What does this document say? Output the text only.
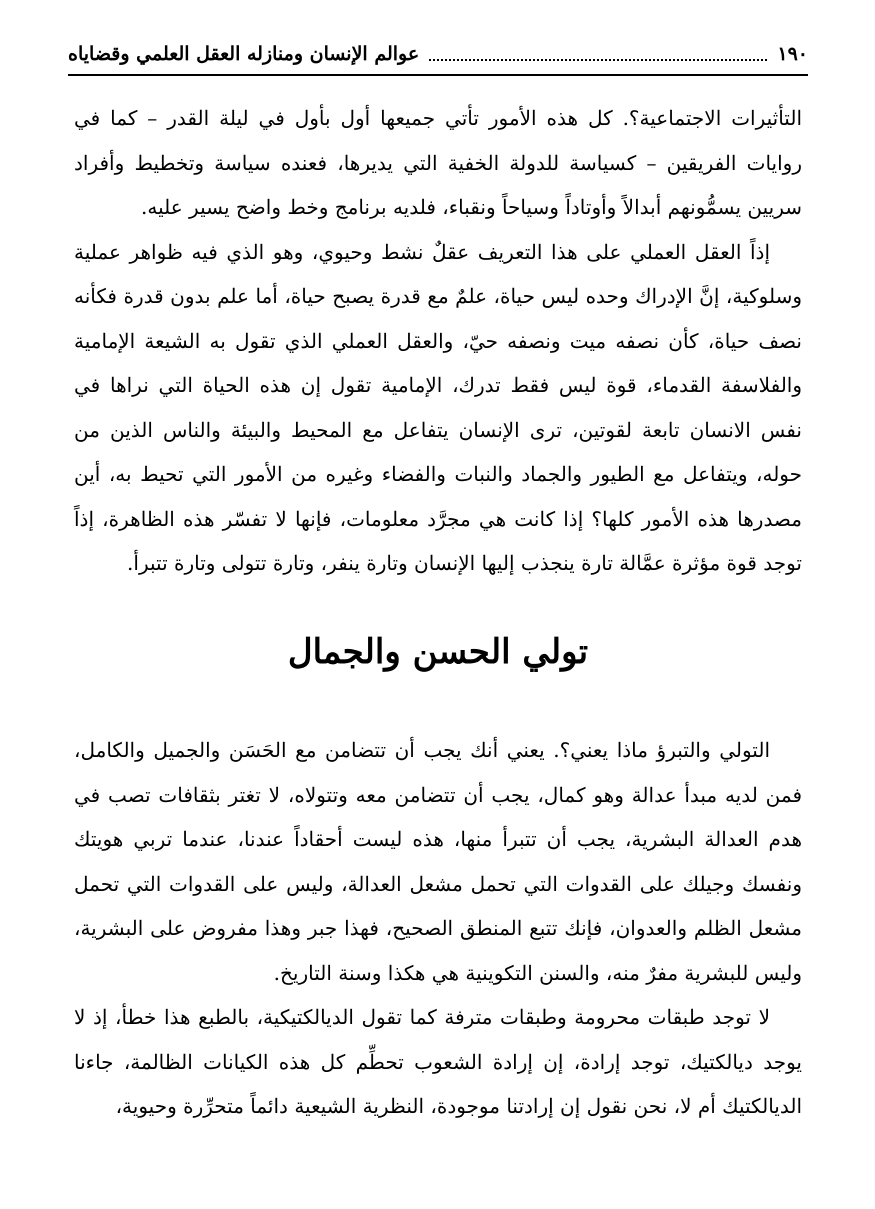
١٩٠
عوالم الإنسان ومنازله العقل العلمي وقضاياه

التأثيرات الاجتماعية؟. كل هذه الأمور تأتي جميعها أول بأول في ليلة القدر – كما في روايات الفريقين – كسياسة للدولة الخفية التي يديرها، فعنده سياسة وتخطيط وأفراد سريين يسمُّونهم أبدالاً وأوتاداً وسياحاً ونقباء، فلديه برنامج وخط واضح يسير عليه.

إذاً العقل العملي على هذا التعريف عقلٌ نشط وحيوي، وهو الذي فيه ظواهر عملية وسلوكية، إنَّ الإدراك وحده ليس حياة، علمٌ مع قدرة يصبح حياة، أما علم بدون قدرة فكأنه نصف حياة، كأن نصفه ميت ونصفه حيّ، والعقل العملي الذي تقول به الشيعة الإمامية والفلاسفة القدماء، قوة ليس فقط تدرك، الإمامية تقول إن هذه الحياة التي نراها في نفس الانسان تابعة لقوتين، ترى الإنسان يتفاعل مع المحيط والبيئة والناس الذين من حوله، ويتفاعل مع الطيور والجماد والنبات والفضاء وغيره من الأمور التي تحيط به، أين مصدرها هذه الأمور كلها؟ إذا كانت هي مجرَّد معلومات، فإنها لا تفسّر هذه الظاهرة، إذاً توجد قوة مؤثرة عمَّالة تارة ينجذب إليها الإنسان وتارة ينفر، وتارة تتولى وتارة تتبرأ.

تولي الحسن والجمال

التولي والتبرؤ ماذا يعني؟. يعني أنك يجب أن تتضامن مع الحَسَن والجميل والكامل، فمن لديه مبدأ عدالة وهو كمال، يجب أن تتضامن معه وتتولاه، لا تغتر بثقافات تصب في هدم العدالة البشرية، يجب أن تتبرأ منها، هذه ليست أحقاداً عندنا، عندما تربي هويتك ونفسك وجيلك على القدوات التي تحمل مشعل العدالة، وليس على القدوات التي تحمل مشعل الظلم والعدوان، فإنك تتبع المنطق الصحيح، فهذا جبر وهذا مفروض على البشرية، وليس للبشرية مفرٌ منه، والسنن التكوينية هي هكذا وسنة التاريخ.

لا توجد طبقات محرومة وطبقات مترفة كما تقول الديالكتيكية، بالطبع هذا خطأ، إذ لا يوجد ديالكتيك، توجد إرادة، إن إرادة الشعوب تحطِّم كل هذه الكيانات الظالمة، جاءنا الديالكتيك أم لا، نحن نقول إن إرادتنا موجودة، النظرية الشيعية دائماً متحرِّرة وحيوية،
